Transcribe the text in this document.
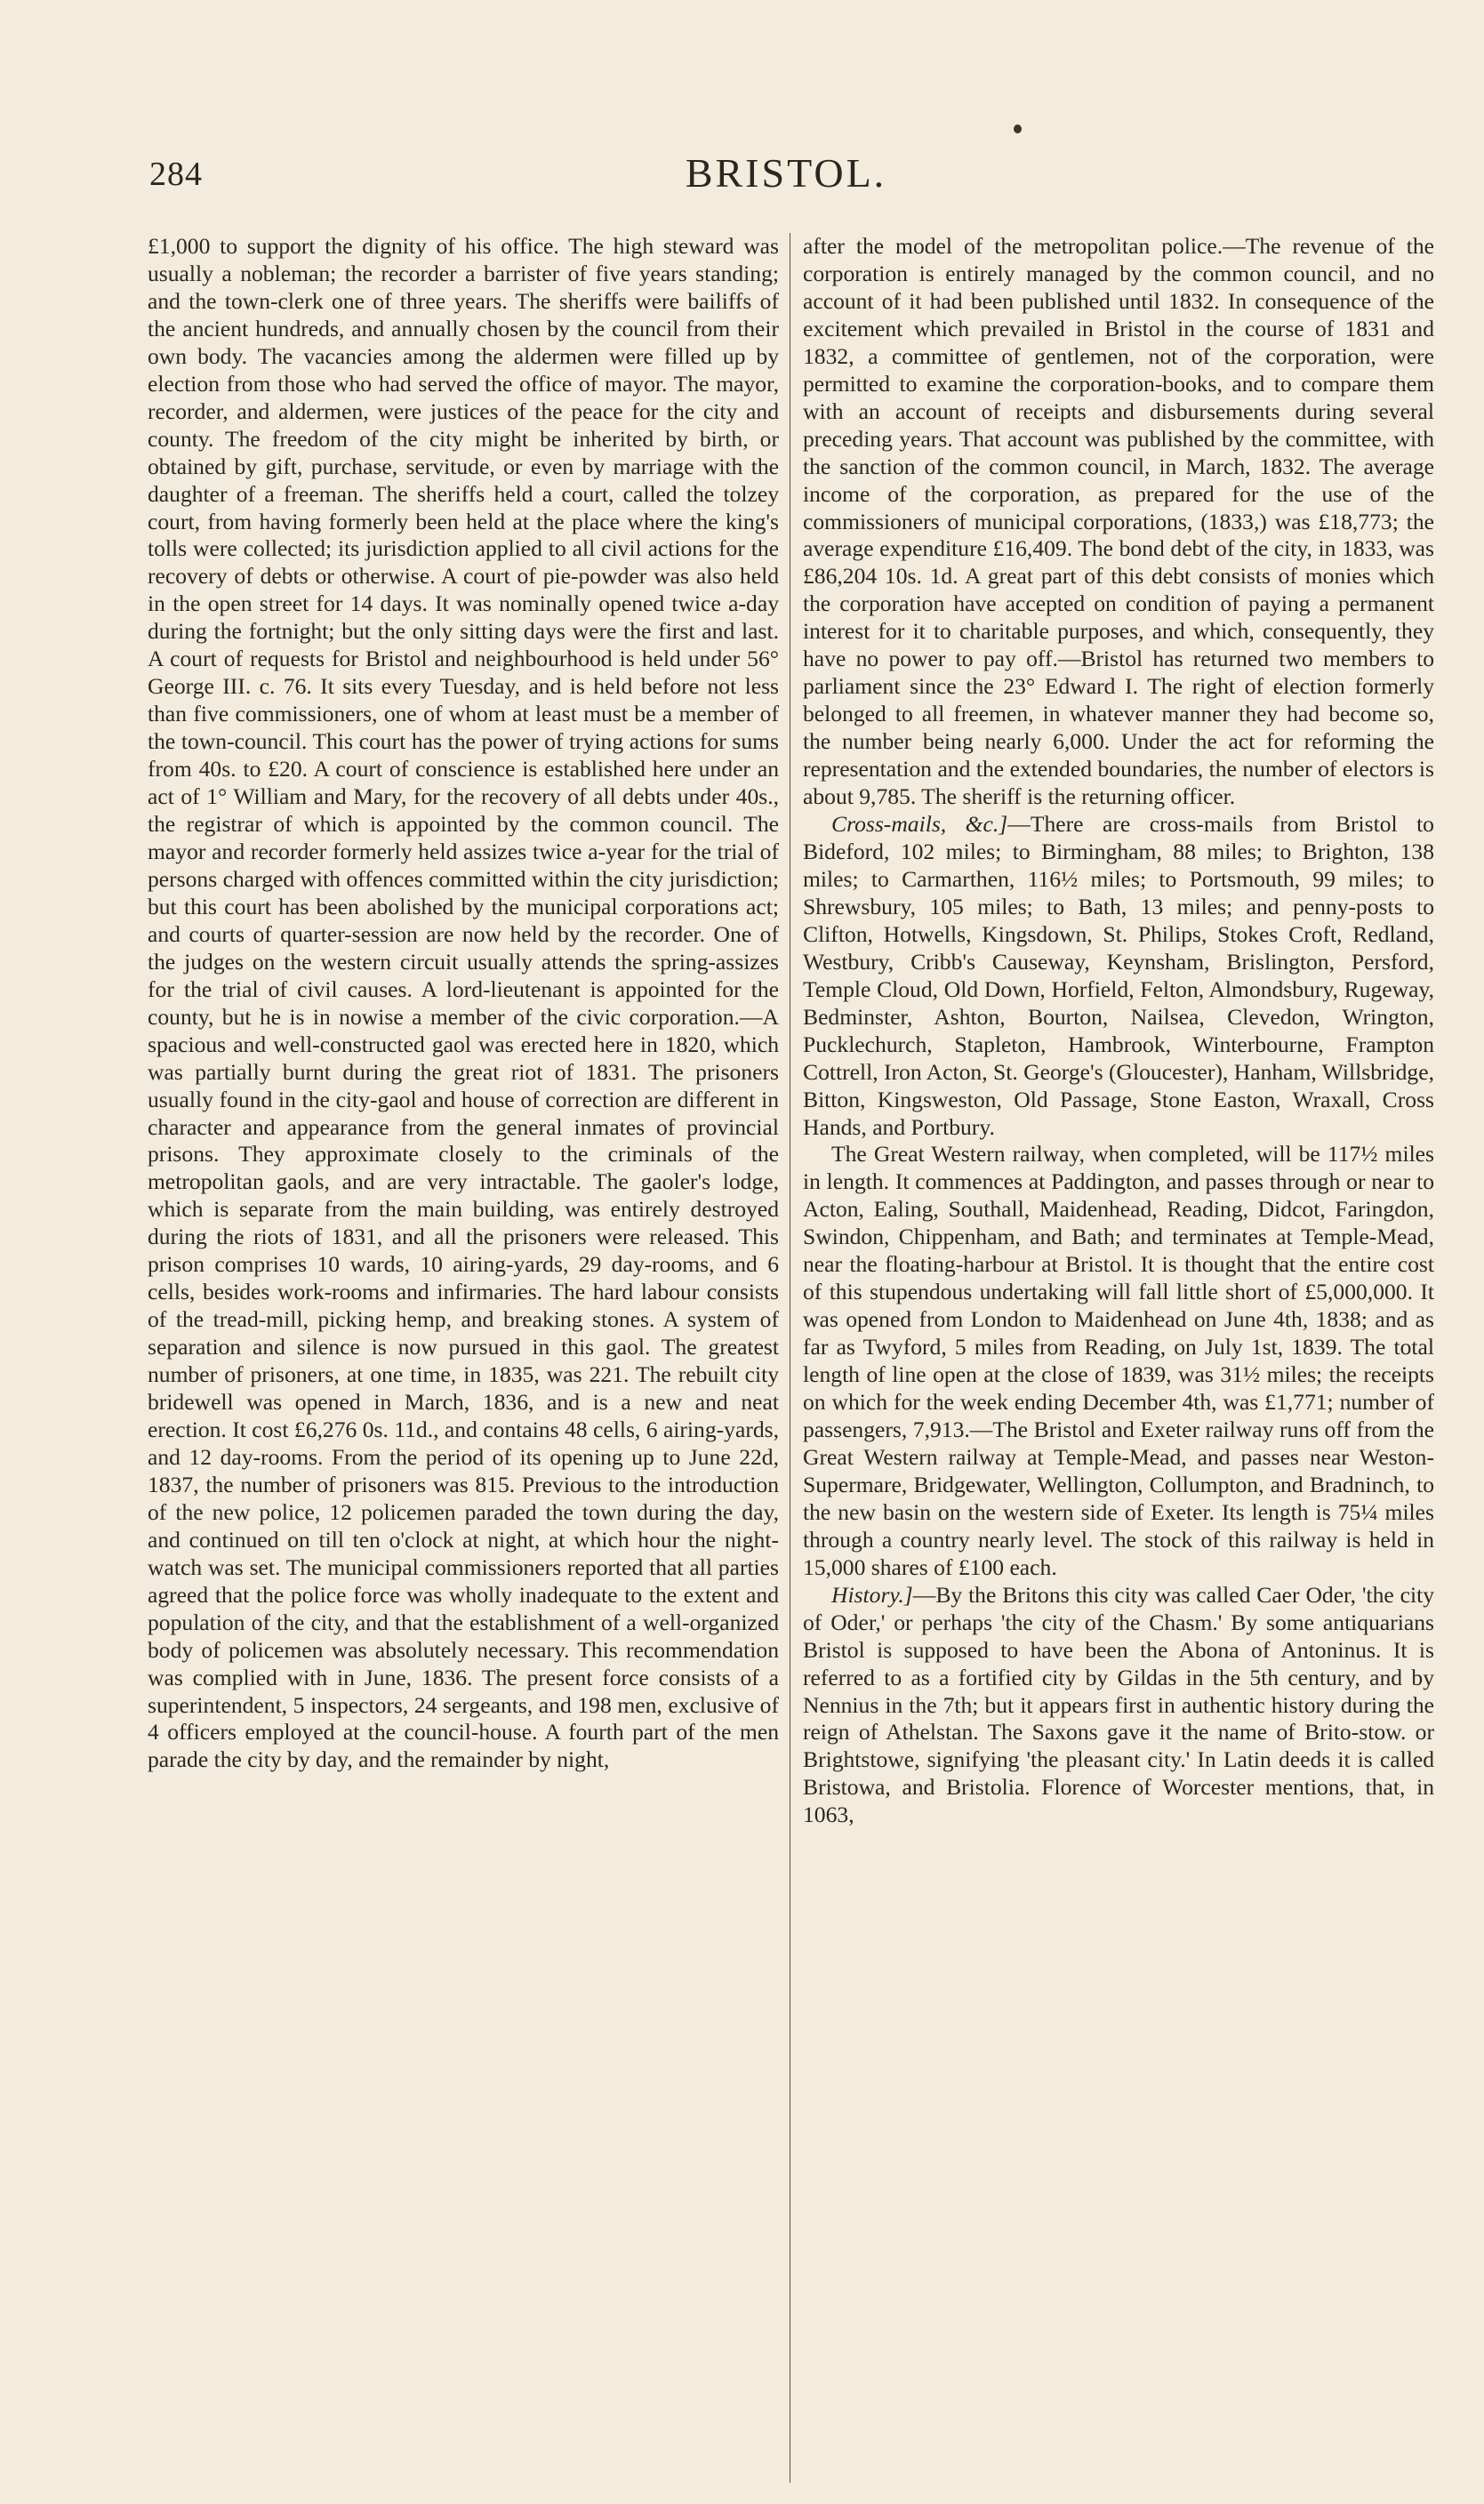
284	BRISTOL.

£1,000 to support the dignity of his office. The high steward was usually a nobleman; the recorder a barrister of five years standing; and the town-clerk one of three years. The sheriffs were bailiffs of the ancient hundreds, and annually chosen by the council from their own body. The vacancies among the aldermen were filled up by election from those who had served the office of mayor. The mayor, recorder, and aldermen, were justices of the peace for the city and county. The freedom of the city might be inherited by birth, or obtained by gift, purchase, servitude, or even by marriage with the daughter of a freeman. The sheriffs held a court, called the tolzey court, from having formerly been held at the place where the king's tolls were collected; its jurisdiction applied to all civil actions for the recovery of debts or otherwise. A court of pie-powder was also held in the open street for 14 days. It was nominally opened twice a-day during the fortnight; but the only sitting days were the first and last. A court of requests for Bristol and neighbourhood is held under 56° George III. c. 76. It sits every Tuesday, and is held before not less than five commissioners, one of whom at least must be a member of the town-council. This court has the power of trying actions for sums from 40s. to £20. A court of conscience is established here under an act of 1° William and Mary, for the recovery of all debts under 40s., the registrar of which is appointed by the common council. The mayor and recorder formerly held assizes twice a-year for the trial of persons charged with offences committed within the city jurisdiction; but this court has been abolished by the municipal corporations act; and courts of quarter-session are now held by the recorder. One of the judges on the western circuit usually attends the spring-assizes for the trial of civil causes. A lord-lieutenant is appointed for the county, but he is in nowise a member of the civic corporation.—A spacious and well-constructed gaol was erected here in 1820, which was partially burnt during the great riot of 1831. The prisoners usually found in the city-gaol and house of correction are different in character and appearance from the general inmates of provincial prisons. They approximate closely to the criminals of the metropolitan gaols, and are very intractable. The gaoler's lodge, which is separate from the main building, was entirely destroyed during the riots of 1831, and all the prisoners were released. This prison comprises 10 wards, 10 airing-yards, 29 day-rooms, and 6 cells, besides work-rooms and infirmaries. The hard labour consists of the tread-mill, picking hemp, and breaking stones. A system of separation and silence is now pursued in this gaol. The greatest number of prisoners, at one time, in 1835, was 221. The rebuilt city bridewell was opened in March, 1836, and is a new and neat erection. It cost £6,276 0s. 11d., and contains 48 cells, 6 airing-yards, and 12 day-rooms. From the period of its opening up to June 22d, 1837, the number of prisoners was 815. Previous to the introduction of the new police, 12 policemen paraded the town during the day, and continued on till ten o'clock at night, at which hour the night-watch was set. The municipal commissioners reported that all parties agreed that the police force was wholly inadequate to the extent and population of the city, and that the establishment of a well-organized body of policemen was absolutely necessary. This recommendation was complied with in June, 1836. The present force consists of a superintendent, 5 inspectors, 24 sergeants, and 198 men, exclusive of 4 officers employed at the council-house. A fourth part of the men parade the city by day, and the remainder by night,

after the model of the metropolitan police.—The revenue of the corporation is entirely managed by the common council, and no account of it had been published until 1832. In consequence of the excitement which prevailed in Bristol in the course of 1831 and 1832, a committee of gentlemen, not of the corporation, were permitted to examine the corporation-books, and to compare them with an account of receipts and disbursements during several preceding years. That account was published by the committee, with the sanction of the common council, in March, 1832. The average income of the corporation, as prepared for the use of the commissioners of municipal corporations, (1833,) was £18,773; the average expenditure £16,409. The bond debt of the city, in 1833, was £86,204 10s. 1d. A great part of this debt consists of monies which the corporation have accepted on condition of paying a permanent interest for it to charitable purposes, and which, consequently, they have no power to pay off.—Bristol has returned two members to parliament since the 23° Edward I. The right of election formerly belonged to all freemen, in whatever manner they had become so, the number being nearly 6,000. Under the act for reforming the representation and the extended boundaries, the number of electors is about 9,785. The sheriff is the returning officer.

Cross-mails, &c.]—There are cross-mails from Bristol to Bideford, 102 miles; to Birmingham, 88 miles; to Brighton, 138 miles; to Carmarthen, 116½ miles; to Portsmouth, 99 miles; to Shrewsbury, 105 miles; to Bath, 13 miles; and penny-posts to Clifton, Hotwells, Kingsdown, St. Philips, Stokes Croft, Redland, Westbury, Cribb's Causeway, Keynsham, Brislington, Persford, Temple Cloud, Old Down, Horfield, Felton, Almondsbury, Rugeway, Bedminster, Ashton, Bourton, Nailsea, Clevedon, Wrington, Pucklechurch, Stapleton, Hambrook, Winterbourne, Frampton Cottrell, Iron Acton, St. George's (Gloucester), Hanham, Willsbridge, Bitton, Kingsweston, Old Passage, Stone Easton, Wraxall, Cross Hands, and Portbury.

The Great Western railway, when completed, will be 117½ miles in length. It commences at Paddington, and passes through or near to Acton, Ealing, Southall, Maidenhead, Reading, Didcot, Faringdon, Swindon, Chippenham, and Bath; and terminates at Temple-Mead, near the floating-harbour at Bristol. It is thought that the entire cost of this stupendous undertaking will fall little short of £5,000,000. It was opened from London to Maidenhead on June 4th, 1838; and as far as Twyford, 5 miles from Reading, on July 1st, 1839. The total length of line open at the close of 1839, was 31½ miles; the receipts on which for the week ending December 4th, was £1,771; number of passengers, 7,913.—The Bristol and Exeter railway runs off from the Great Western railway at Temple-Mead, and passes near Weston-Supermare, Bridgewater, Wellington, Collumpton, and Bradninch, to the new basin on the western side of Exeter. Its length is 75¼ miles through a country nearly level. The stock of this railway is held in 15,000 shares of £100 each.

History.]—By the Britons this city was called Caer Oder, 'the city of Oder,' or perhaps 'the city of the Chasm.' By some antiquarians Bristol is supposed to have been the Abona of Antoninus. It is referred to as a fortified city by Gildas in the 5th century, and by Nennius in the 7th; but it appears first in authentic history during the reign of Athelstan. The Saxons gave it the name of Brito-stow. or Brightstowe, signifying 'the pleasant city.' In Latin deeds it is called Bristowa, and Bristolia. Florence of Worcester mentions, that, in 1063,
